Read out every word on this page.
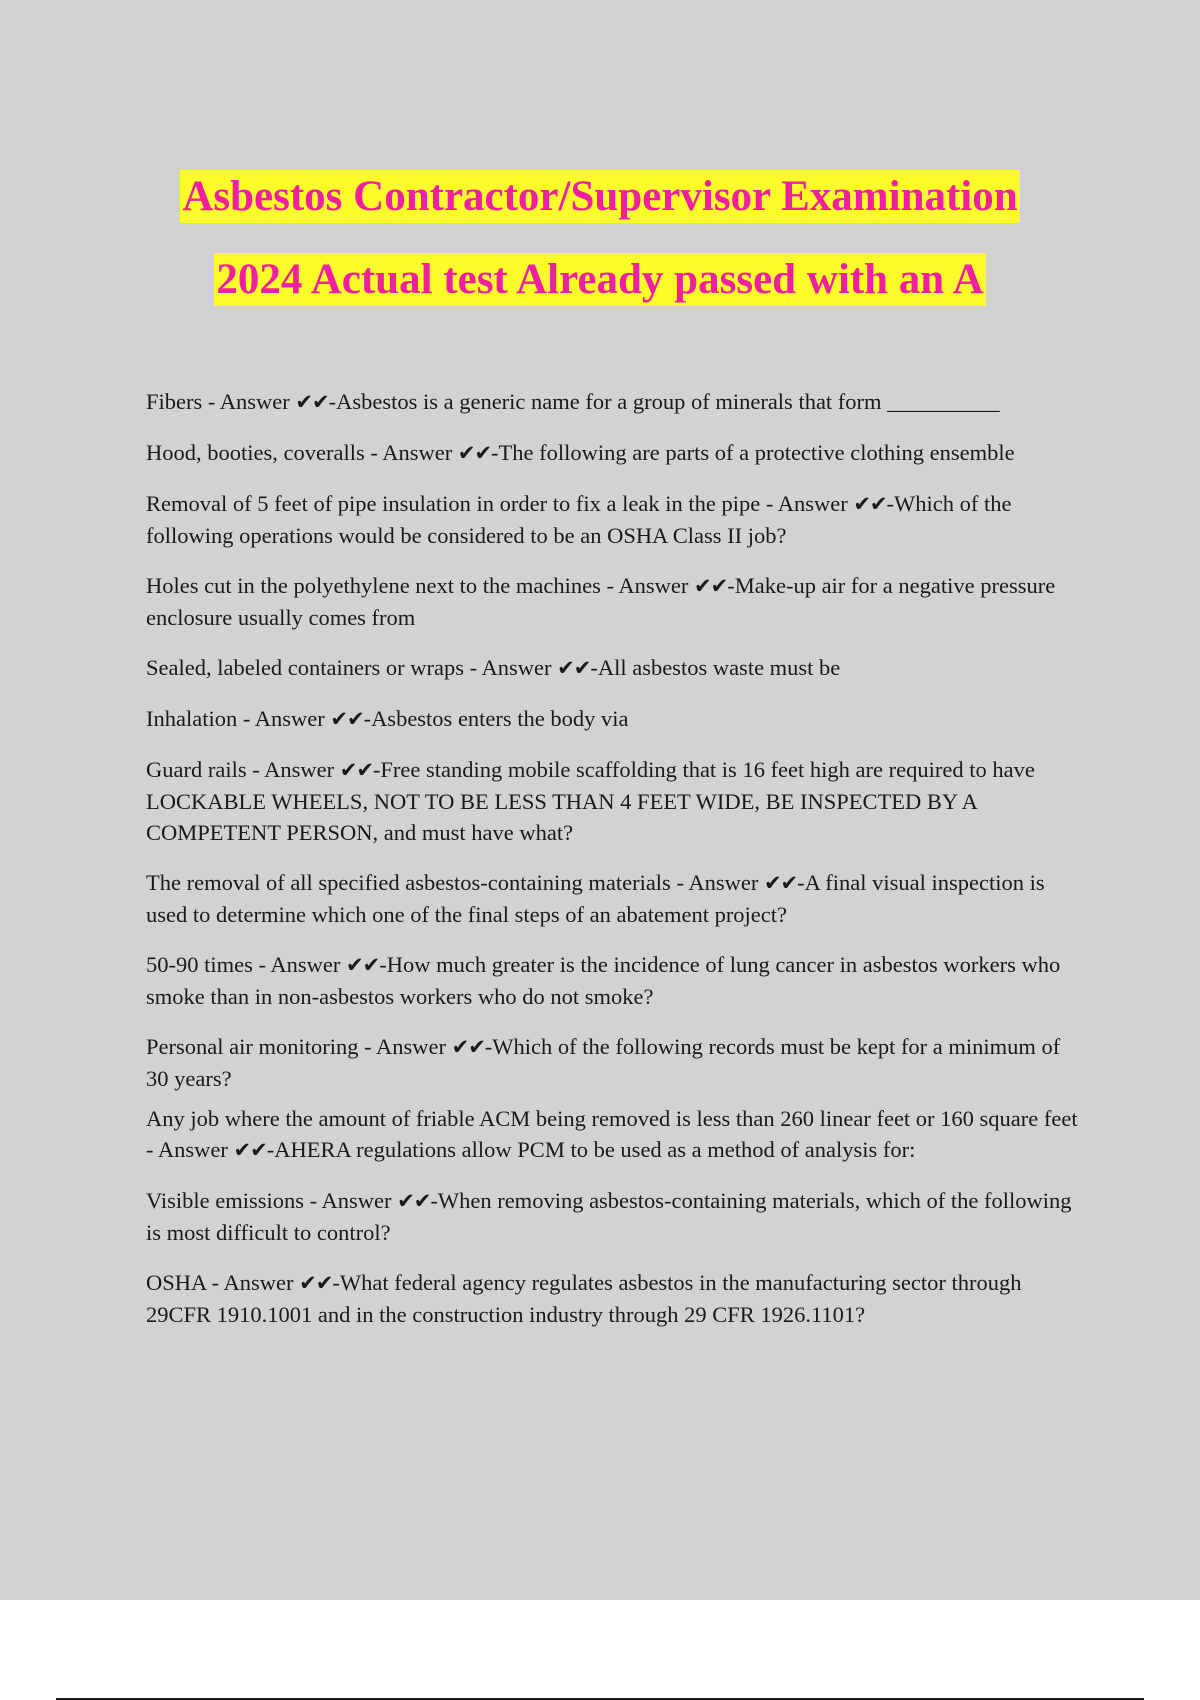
Asbestos Contractor/Supervisor Examination
2024 Actual test Already passed with an A

Fibers - Answer ✔✔-Asbestos is a generic name for a group of minerals that form __________

Hood, booties, coveralls - Answer ✔✔-The following are parts of a protective clothing ensemble

Removal of 5 feet of pipe insulation in order to fix a leak in the pipe - Answer ✔✔-Which of the following operations would be considered to be an OSHA Class II job?

Holes cut in the polyethylene next to the machines - Answer ✔✔-Make-up air for a negative pressure enclosure usually comes from

Sealed, labeled containers or wraps - Answer ✔✔-All asbestos waste must be

Inhalation - Answer ✔✔-Asbestos enters the body via

Guard rails - Answer ✔✔-Free standing mobile scaffolding that is 16 feet high are required to have LOCKABLE WHEELS, NOT TO BE LESS THAN 4 FEET WIDE, BE INSPECTED BY A COMPETENT PERSON, and must have what?

The removal of all specified asbestos-containing materials - Answer ✔✔-A final visual inspection is used to determine which one of the final steps of an abatement project?

50-90 times - Answer ✔✔-How much greater is the incidence of lung cancer in asbestos workers who smoke than in non-asbestos workers who do not smoke?

Personal air monitoring - Answer ✔✔-Which of the following records must be kept for a minimum of 30 years?

Any job where the amount of friable ACM being removed is less than 260 linear feet or 160 square feet - Answer ✔✔-AHERA regulations allow PCM to be used as a method of analysis for:

Visible emissions - Answer ✔✔-When removing asbestos-containing materials, which of the following is most difficult to control?

OSHA - Answer ✔✔-What federal agency regulates asbestos in the manufacturing sector through 29CFR 1910.1001 and in the construction industry through 29 CFR 1926.1101?
